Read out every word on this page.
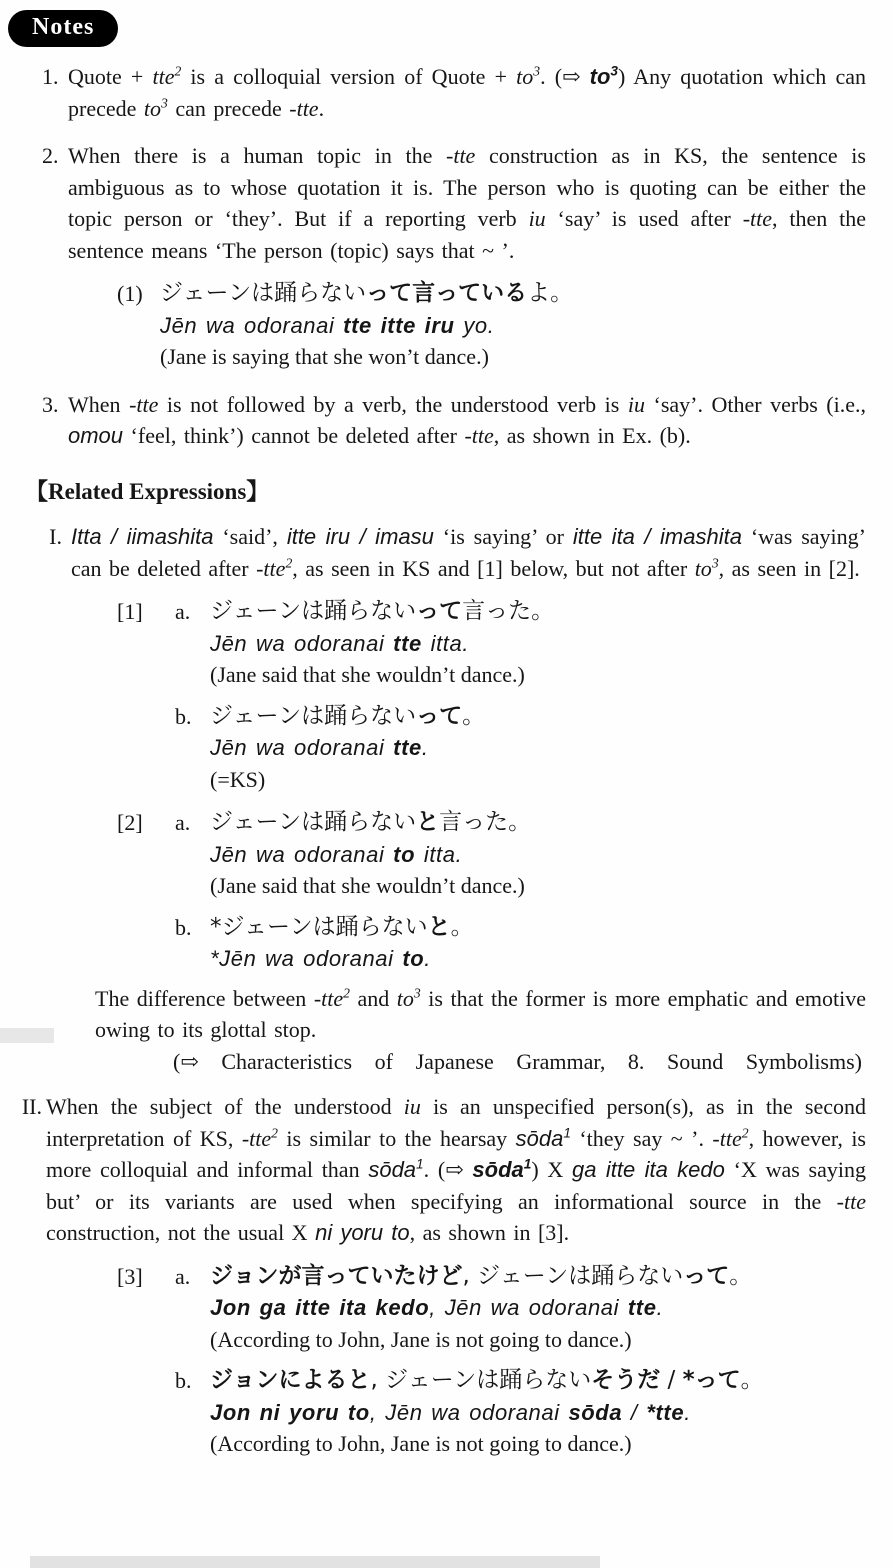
Notes
1. Quote + tte$^2$ is a colloquial version of Quote + $to^3$. (⇨ $to^3$) Any quotation which can precede $to^3$ can precede -tte.
2. When there is a human topic in the -tte construction as in KS, the sentence is ambiguous as to whose quotation it is. The person who is quoting can be either the topic person or ‘they’. But if a reporting verb iu ‘say’ is used after -tte, then the sentence means ‘The person (topic) says that ~ ’.
(1) ジェーンは踊らないって言っているよ。
Jēn wa odoranai tte itte iru yo.
(Jane is saying that she won’t dance.)
3. When -tte is not followed by a verb, the understood verb is iu ‘say’. Other verbs (i.e., omou ‘feel, think’) cannot be deleted after -tte, as shown in Ex. (b).
【Related Expressions】
I. Itta / iimashita ‘said’, itte iru / imasu ‘is saying’ or itte ita / imashita ‘was saying’ can be deleted after -tte$^2$, as seen in KS and [1] below, but not after $to^3$, as seen in [2].
[1]	a. ジェーンは踊らないって言った。
Jēn wa odoranai tte itta.
(Jane said that she wouldn’t dance.)
b. ジェーンは踊らないって。
Jēn wa odoranai tte.
(=KS)
[2]	a. ジェーンは踊らないと言った。
Jēn wa odoranai to itta.
(Jane said that she wouldn’t dance.)
b. *ジェーンは踊らないと。
*Jēn wa odoranai to.
The difference between -tte$^2$ and $to^3$ is that the former is more emphatic and emotive owing to its glottal stop.
(⇨ Characteristics of Japanese Grammar, 8. Sound Symbolisms)
II. When the subject of the understood iu is an unspecified person(s), as in the second interpretation of KS, -tte$^2$ is similar to the hearsay sōda$^1$ ‘they say ~ ’. -tte$^2$, however, is more colloquial and informal than sōda$^1$. (⇨ sōda$^1$) X ga itte ita kedo ‘X was saying but’ or its variants are used when specifying an informational source in the -tte construction, not the usual X ni yoru to, as shown in [3].
[3]	a. ジョンが言っていたけど, ジェーンは踊らないって。
Jon ga itte ita kedo, Jēn wa odoranai tte.
(According to John, Jane is not going to dance.)
b. ジョンによると, ジェーンは踊らないそうだ / *って。
Jon ni yoru to, Jēn wa odoranai sōda / *tte.
(According to John, Jane is not going to dance.)
